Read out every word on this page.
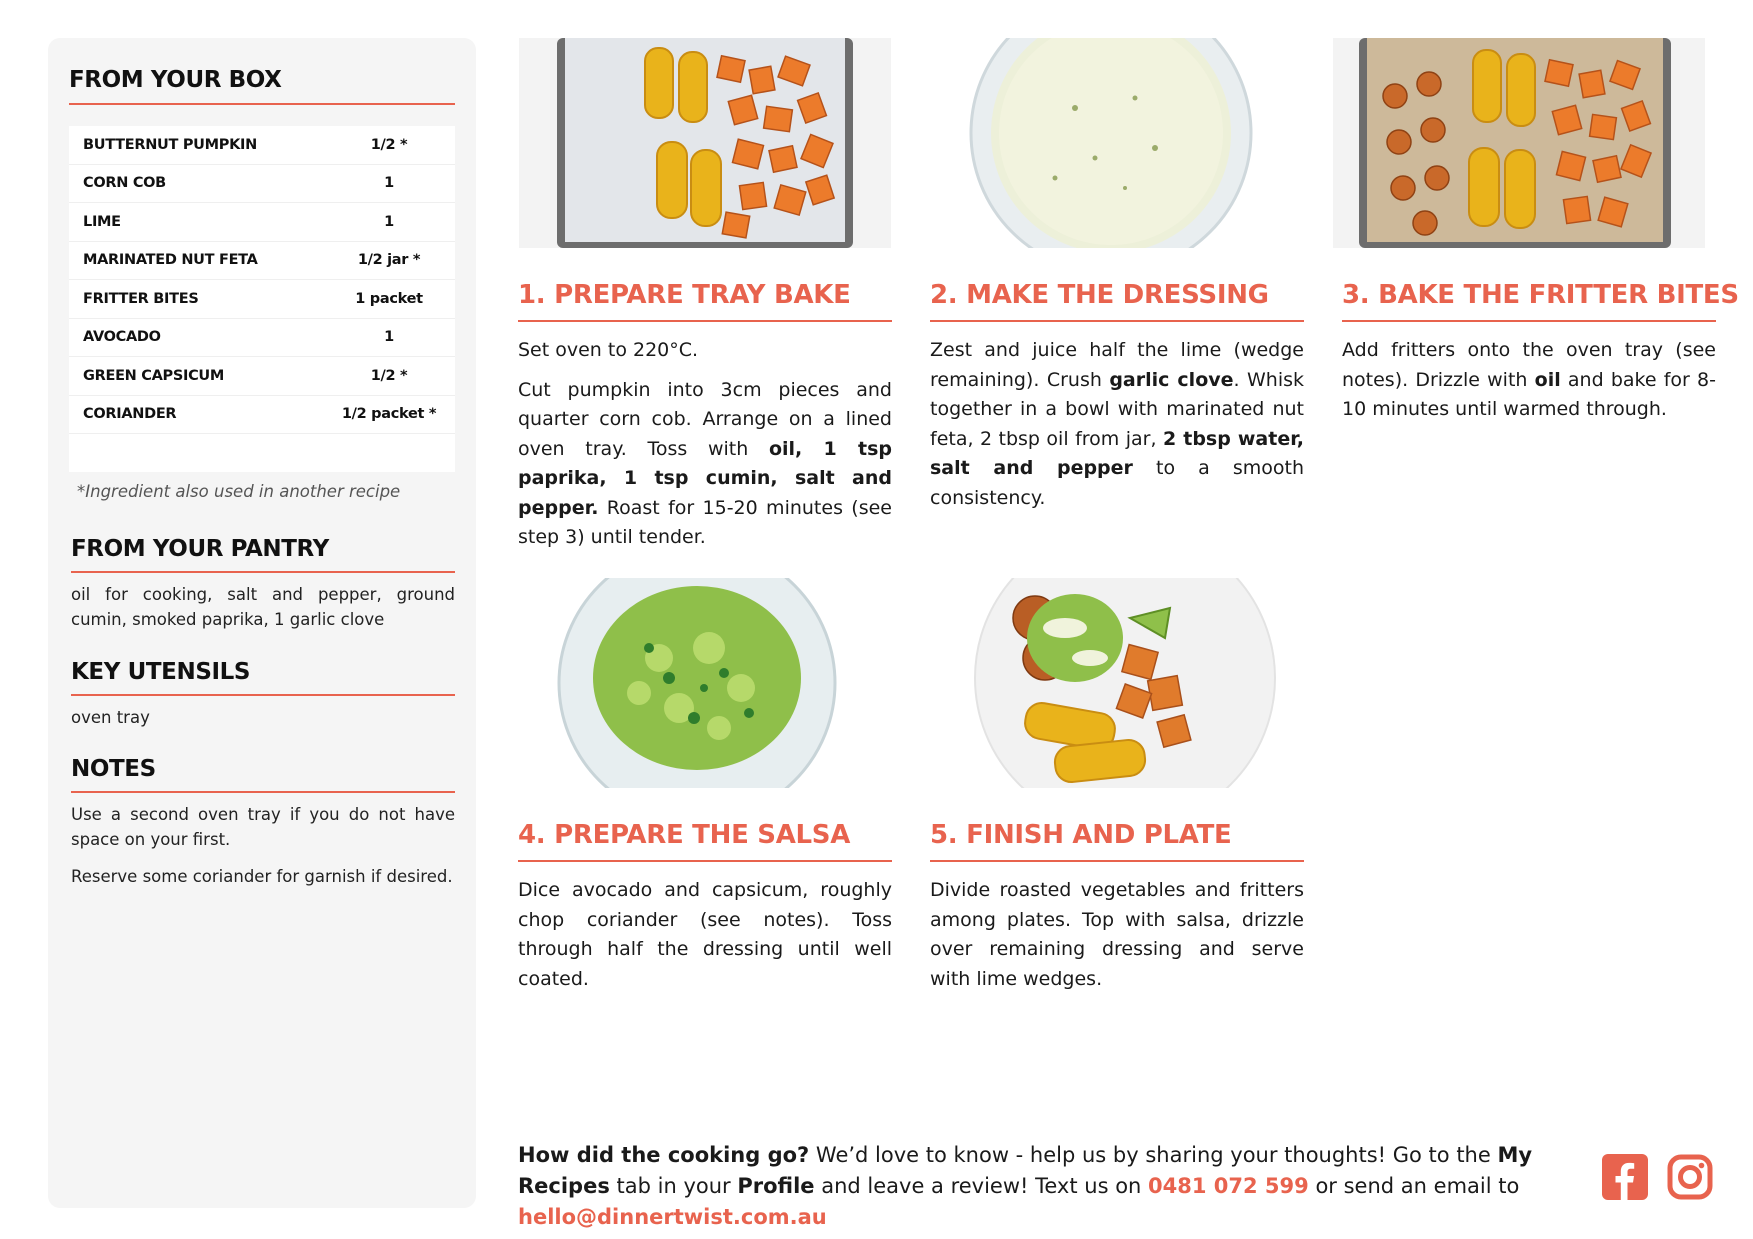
FROM YOUR BOX
BUTTERNUT PUMPKIN	1/2 *
CORN COB	1
LIME	1
MARINATED NUT FETA	1/2 jar *
FRITTER BITES	1 packet
AVOCADO	1
GREEN CAPSICUM	1/2 *
CORIANDER	1/2 packet *
*Ingredient also used in another recipe
FROM YOUR PANTRY
oil for cooking, salt and pepper, ground cumin, smoked paprika, 1 garlic clove
KEY UTENSILS
oven tray
NOTES
Use a second oven tray if you do not have space on your first.
Reserve some coriander for garnish if desired.
1. PREPARE TRAY BAKE

Set oven to 220°C.

Cut pumpkin into 3cm pieces and quarter corn cob. Arrange on a lined oven tray. Toss with oil, 1 tsp paprika, 1 tsp cumin, salt and pepper. Roast for 15-20 minutes (see step 3) until tender.

2. MAKE THE DRESSING

Zest and juice half the lime (wedge remaining). Crush garlic clove. Whisk together in a bowl with marinated nut feta, 2 tbsp oil from jar, 2 tbsp water, salt and pepper to a smooth consistency.

3. BAKE THE FRITTER BITES

Add fritters onto the oven tray (see notes). Drizzle with oil and bake for 8-10 minutes until warmed through.

4. PREPARE THE SALSA

Dice avocado and capsicum, roughly chop coriander (see notes). Toss through half the dressing until well coated.

5. FINISH AND PLATE

Divide roasted vegetables and fritters among plates. Top with salsa, drizzle over remaining dressing and serve with lime wedges.

How did the cooking go? We’d love to know - help us by sharing your thoughts! Go to the My Recipes tab in your Profile and leave a review! Text us on 0481 072 599 or send an email to hello@dinnertwist.com.au
